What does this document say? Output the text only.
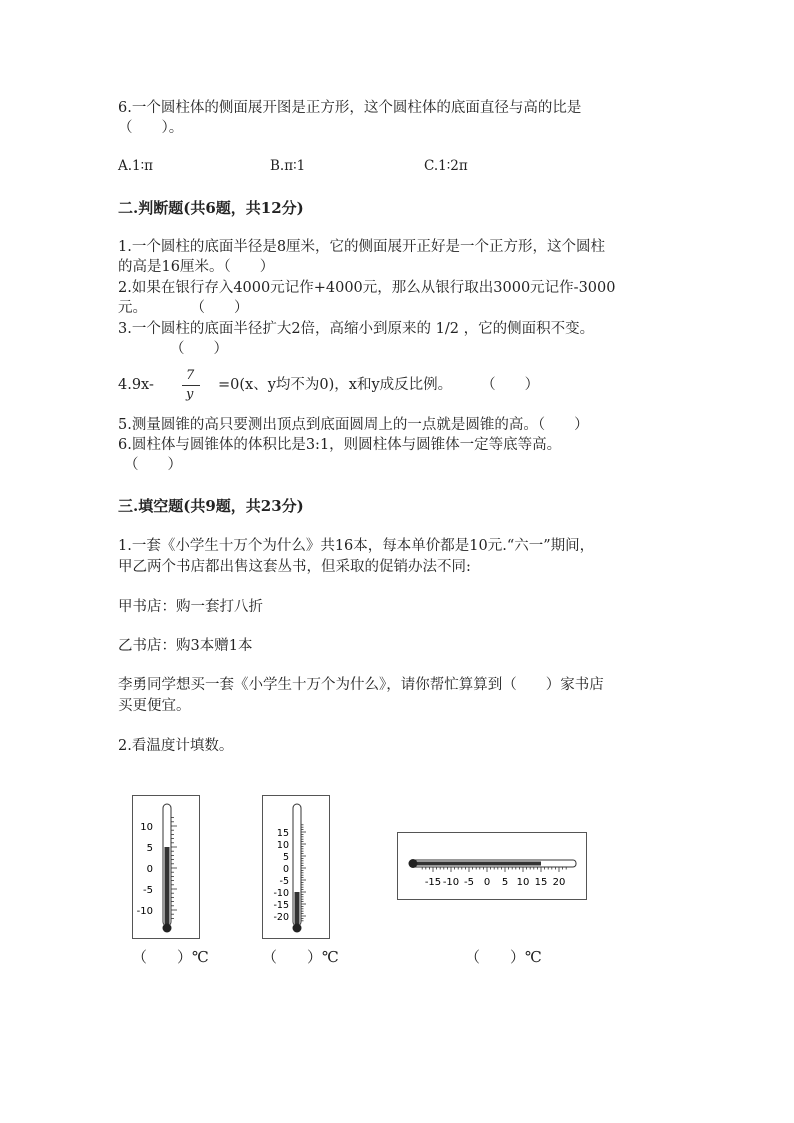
6.一个圆柱体的侧面展开图是正方形，这个圆柱体的底面直径与高的比是

（　　）。

A.1∶π	B.π∶1	C.1∶2π

二.判断题(共6题，共12分)

1.一个圆柱的底面半径是8厘米，它的侧面展开正好是一个正方形，这个圆柱

的高是16厘米。（　　）

2.如果在银行存入4000元记作+4000元，那么从银行取出3000元记作-3000

元。　　　　（　　）

3.一个圆柱的底面半径扩大2倍，高缩小到原来的 1/2 ，它的侧面积不变。

（　　）

4.9x-
7
y
=0(x、y均不为0)，x和y成反比例。　　　（　　）

5.测量圆锥的高只要测出顶点到底面圆周上的一点就是圆锥的高。（　　）

6.圆柱体与圆锥体的体积比是3:1，则圆柱体与圆锥体一定等底等高。

（　　）

三.填空题(共9题，共23分)

1.一套《小学生十万个为什么》共16本，每本单价都是10元.“六一”期间，

甲乙两个书店都出售这套丛书，但采取的促销办法不同:

甲书店：购一套打八折

乙书店：购3本赠1本

李勇同学想买一套《小学生十万个为什么》，请你帮忙算算到（　　）家书店

买更便宜。

2.看温度计填数。

10
5
0
-5
-10
（　　）℃
15
10
5
0
-5
-10
-15
-20
（　　）℃
-15 -10 -5 0 5 10 15 20
（　　）℃
